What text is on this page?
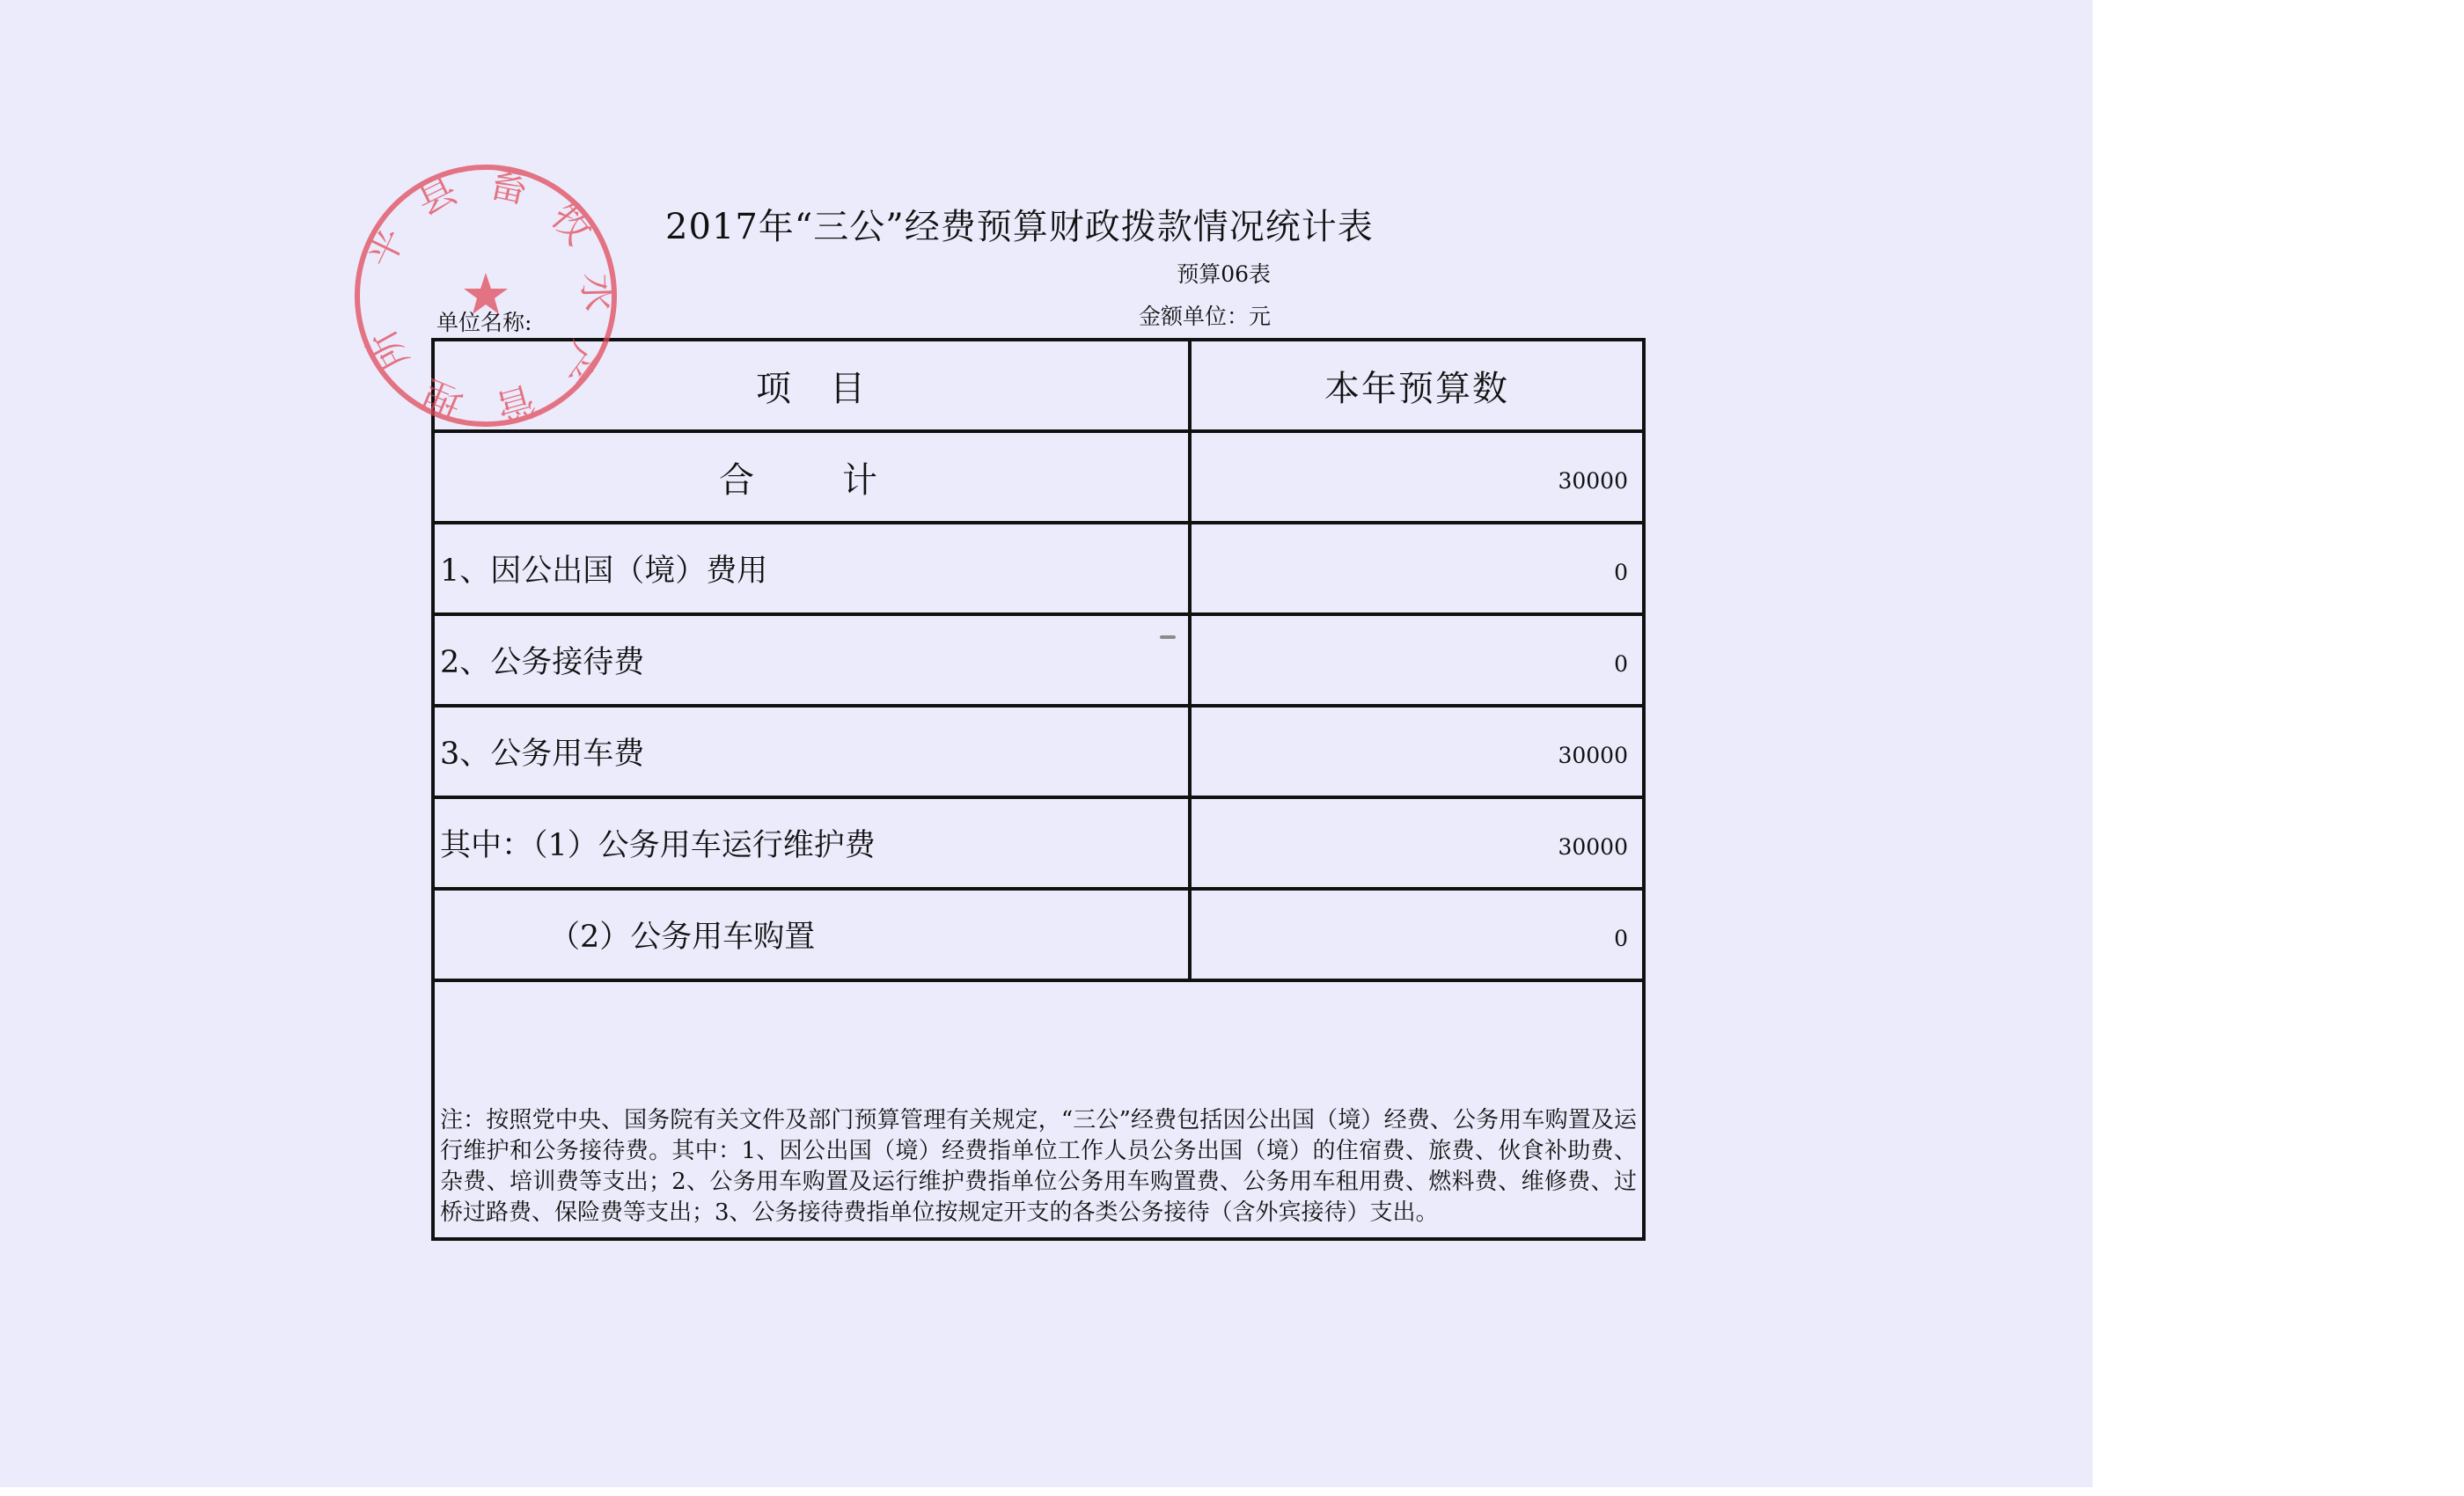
2017年“三公”经费预算财政拨款情况统计表
预算06表
金额单位：元
单位名称:
项　目	本年预算数
合　计	30000
1、因公出国（境）费用	0
2、公务接待费	0
3、公务用车费	30000
其中：（1）公务用车运行维护费	30000
（2）公务用车购置	0
注：按照党中央、国务院有关文件及部门预算管理有关规定，“三公”经费包括因公出国（境）经费、公务用车购置及运行维护和公务接待费。其中：1、因公出国（境）经费指单位工作人员公务出国（境）的住宿费、旅费、伙食补助费、杂费、培训费等支出；2、公务用车购置及运行维护费指单位公务用车购置费、公务用车租用费、燃料费、维修费、过桥过路费、保险费等支出；3、公务接待费指单位按规定开支的各类公务接待（含外宾接待）支出。	
平县畜牧水产管理所
